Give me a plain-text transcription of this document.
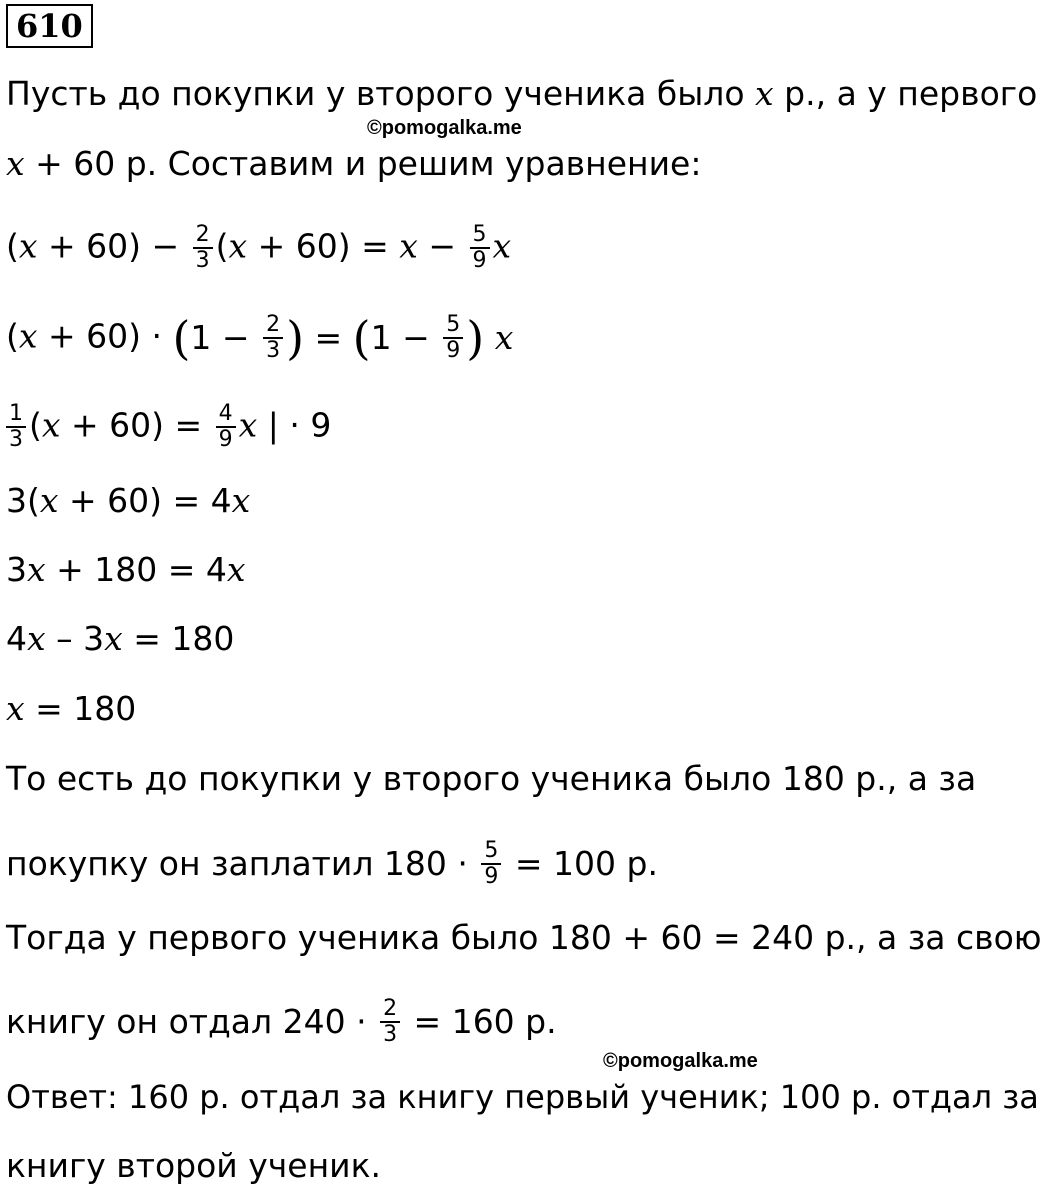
610
Пусть до покупки у второго ученика было x р., а у первого
©pomogalka.me
x + 60 р. Составим и решим уравнение:
$(x + 60) - \frac{2}{3} (x + 60) = x - \frac{5}{9}$ x
$(x + 60) \cdot (1 - \frac{2}{3}$ ) = ($1 - \frac{5}{9}$ ) x
$\frac{1}{3} (x + 60) = \frac{4}{9}$ x | · 9
3(x + 60) = 4x
3x + 180 = 4x
4x – 3x = 180
x = 180
То есть до покупки у второго ученика было 180 р., а за
покупку он заплатил $180 \cdot \frac{5}{9} = 100$ р.
Тогда у первого ученика было 180 + 60 = 240 р., а за свою
книгу он отдал $240 \cdot \frac{2}{3} = 160$ р.
©pomogalka.me
Ответ: 160 р. отдал за книгу первый ученик; 100 р. отдал за
книгу второй ученик.
